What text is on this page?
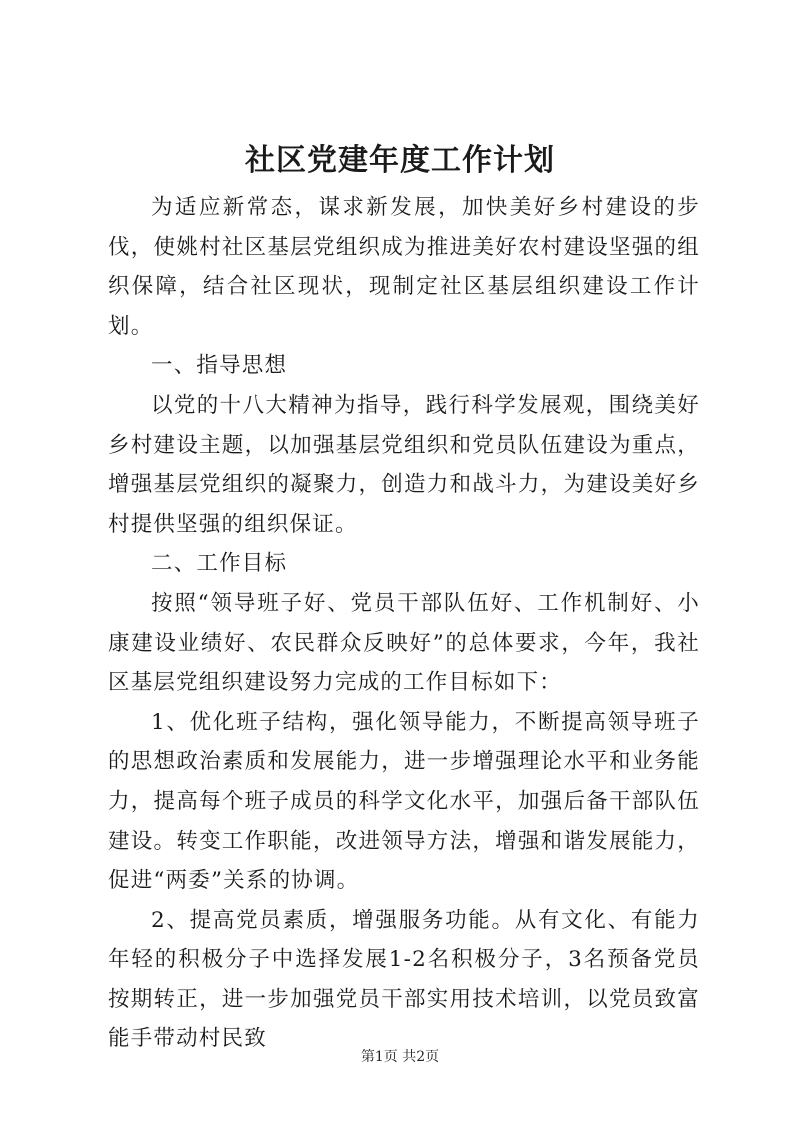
社区党建年度工作计划

为适应新常态，谋求新发展，加快美好乡村建设的步伐，使姚村社区基层党组织成为推进美好农村建设坚强的组织保障，结合社区现状，现制定社区基层组织建设工作计划。

一、指导思想

以党的十八大精神为指导，践行科学发展观，围绕美好乡村建设主题，以加强基层党组织和党员队伍建设为重点，增强基层党组织的凝聚力，创造力和战斗力，为建设美好乡村提供坚强的组织保证。

二、工作目标

按照“领导班子好、党员干部队伍好、工作机制好、小康建设业绩好、农民群众反映好”的总体要求，今年，我社区基层党组织建设努力完成的工作目标如下：

1、优化班子结构，强化领导能力，不断提高领导班子的思想政治素质和发展能力，进一步增强理论水平和业务能力，提高每个班子成员的科学文化水平，加强后备干部队伍建设。转变工作职能，改进领导方法，增强和谐发展能力，促进“两委”关系的协调。

2、提高党员素质，增强服务功能。从有文化、有能力年轻的积极分子中选择发展1-2名积极分子，3名预备党员按期转正，进一步加强党员干部实用技术培训，以党员致富能手带动村民致

第1页 共2页
